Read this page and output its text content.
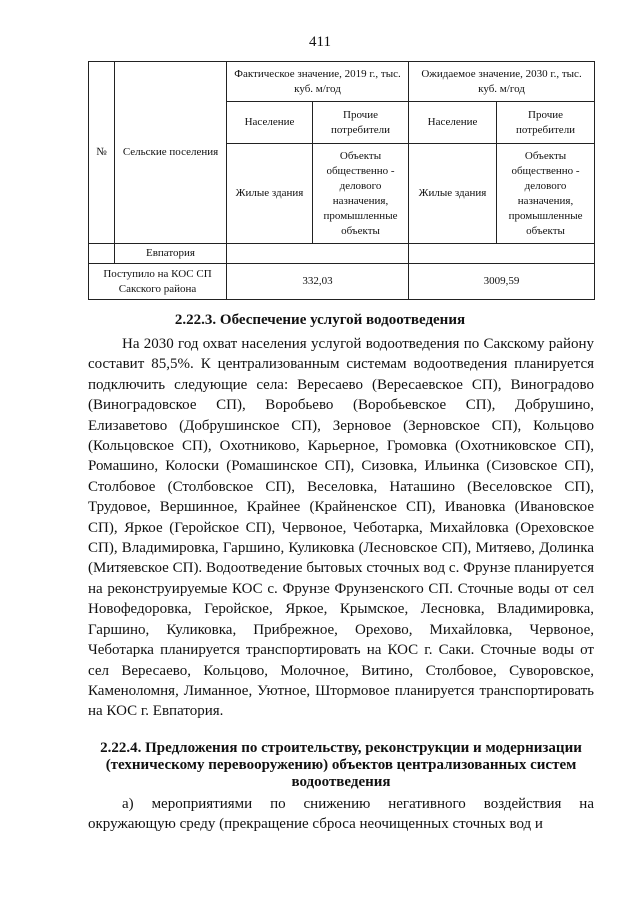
411
№	Сельские поселения	Фактическое значение, 2019 г., тыс. куб. м/год		Ожидаемое значение, 2030 г., тыс. куб. м/год	
		Население	Прочие потребители	Население	Прочие потребители
		Жилые здания	Объекты общественно - делового назначения, промышленные объекты	Жилые здания	Объекты общественно - делового назначения, промышленные объекты
	Евпатория				
Поступило на КОС СП Сакского района		332,03		3009,59	
2.22.3. Обеспечение услугой водоотведения

На 2030 год охват населения услугой водоотведения по Сакскому району составит 85,5%. К централизованным системам водоотведения планируется подключить следующие села: Вересаево (Вересаевское СП), Виноградово (Виноградовское СП), Воробьево (Воробьевское СП), Добрушино, Елизаветово (Добрушинское СП), Зерновое (Зерновское СП), Кольцово (Кольцовское СП), Охотниково, Карьерное, Громовка (Охотниковское СП), Ромашино, Колоски (Ромашинское СП), Сизовка, Ильинка (Сизовское СП), Столбовое (Столбовское СП), Веселовка, Наташино (Веселовское СП), Трудовое, Вершинное, Крайнее (Крайненское СП), Ивановка (Ивановское СП), Яркое (Геройское СП), Червоное, Чеботарка, Михайловка (Ореховское СП), Владимировка, Гаршино, Куликовка (Лесновское СП), Митяево, Долинка (Митяевское СП). Водоотведение бытовых сточных вод с. Фрунзе планируется на реконструируемые КОС с. Фрунзе Фрунзенского СП. Сточные воды от сел Новофедоровка, Геройское, Яркое, Крымское, Лесновка, Владимировка, Гаршино, Куликовка, Прибрежное, Орехово, Михайловка, Червоное, Чеботарка планируется транспортировать на КОС г. Саки. Сточные воды от сел Вересаево, Кольцово, Молочное, Витино, Столбовое, Суворовское, Каменоломня, Лиманное, Уютное, Штормовое планируется транспортировать на КОС г. Евпатория.

2.22.4. Предложения по строительству, реконструкции и модернизации (техническому перевооружению) объектов централизованных систем водоотведения

а) мероприятиями по снижению негативного воздействия на окружающую среду (прекращение сброса неочищенных сточных вод и
